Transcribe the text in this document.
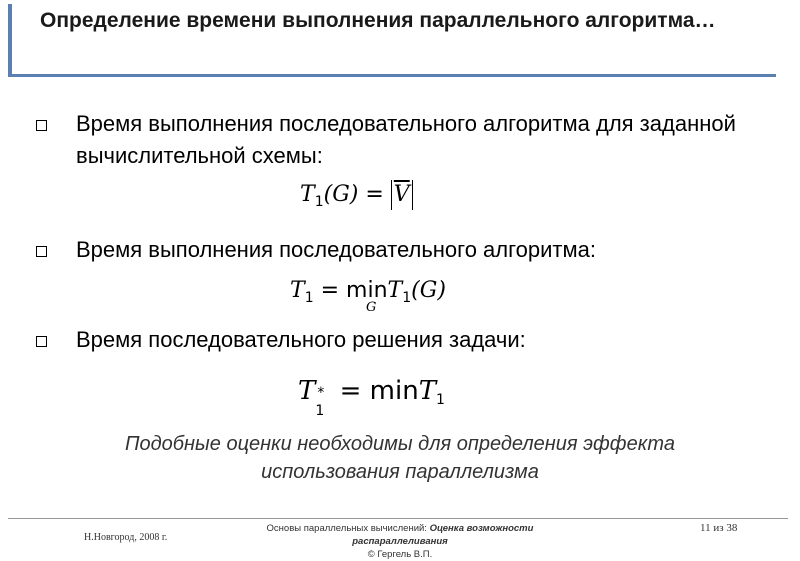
Определение времени выполнения параллельного алгоритма…
Время выполнения последовательного алгоритма для заданной вычислительной схемы:
$T_1(G) = \overline{V}$
Время выполнения последовательного алгоритма:
$T_1 = \min$
G
$T_1(G)$
Время последовательного решения задачи:
T *
1
= minT$_1$
Подобные оценки необходимы для определения эффекта использования параллелизма
Н.Новгород, 2008 г.
Основы параллельных вычислений: Оценка возможности распараллеливания
© Гергель В.П.
11 из 38
